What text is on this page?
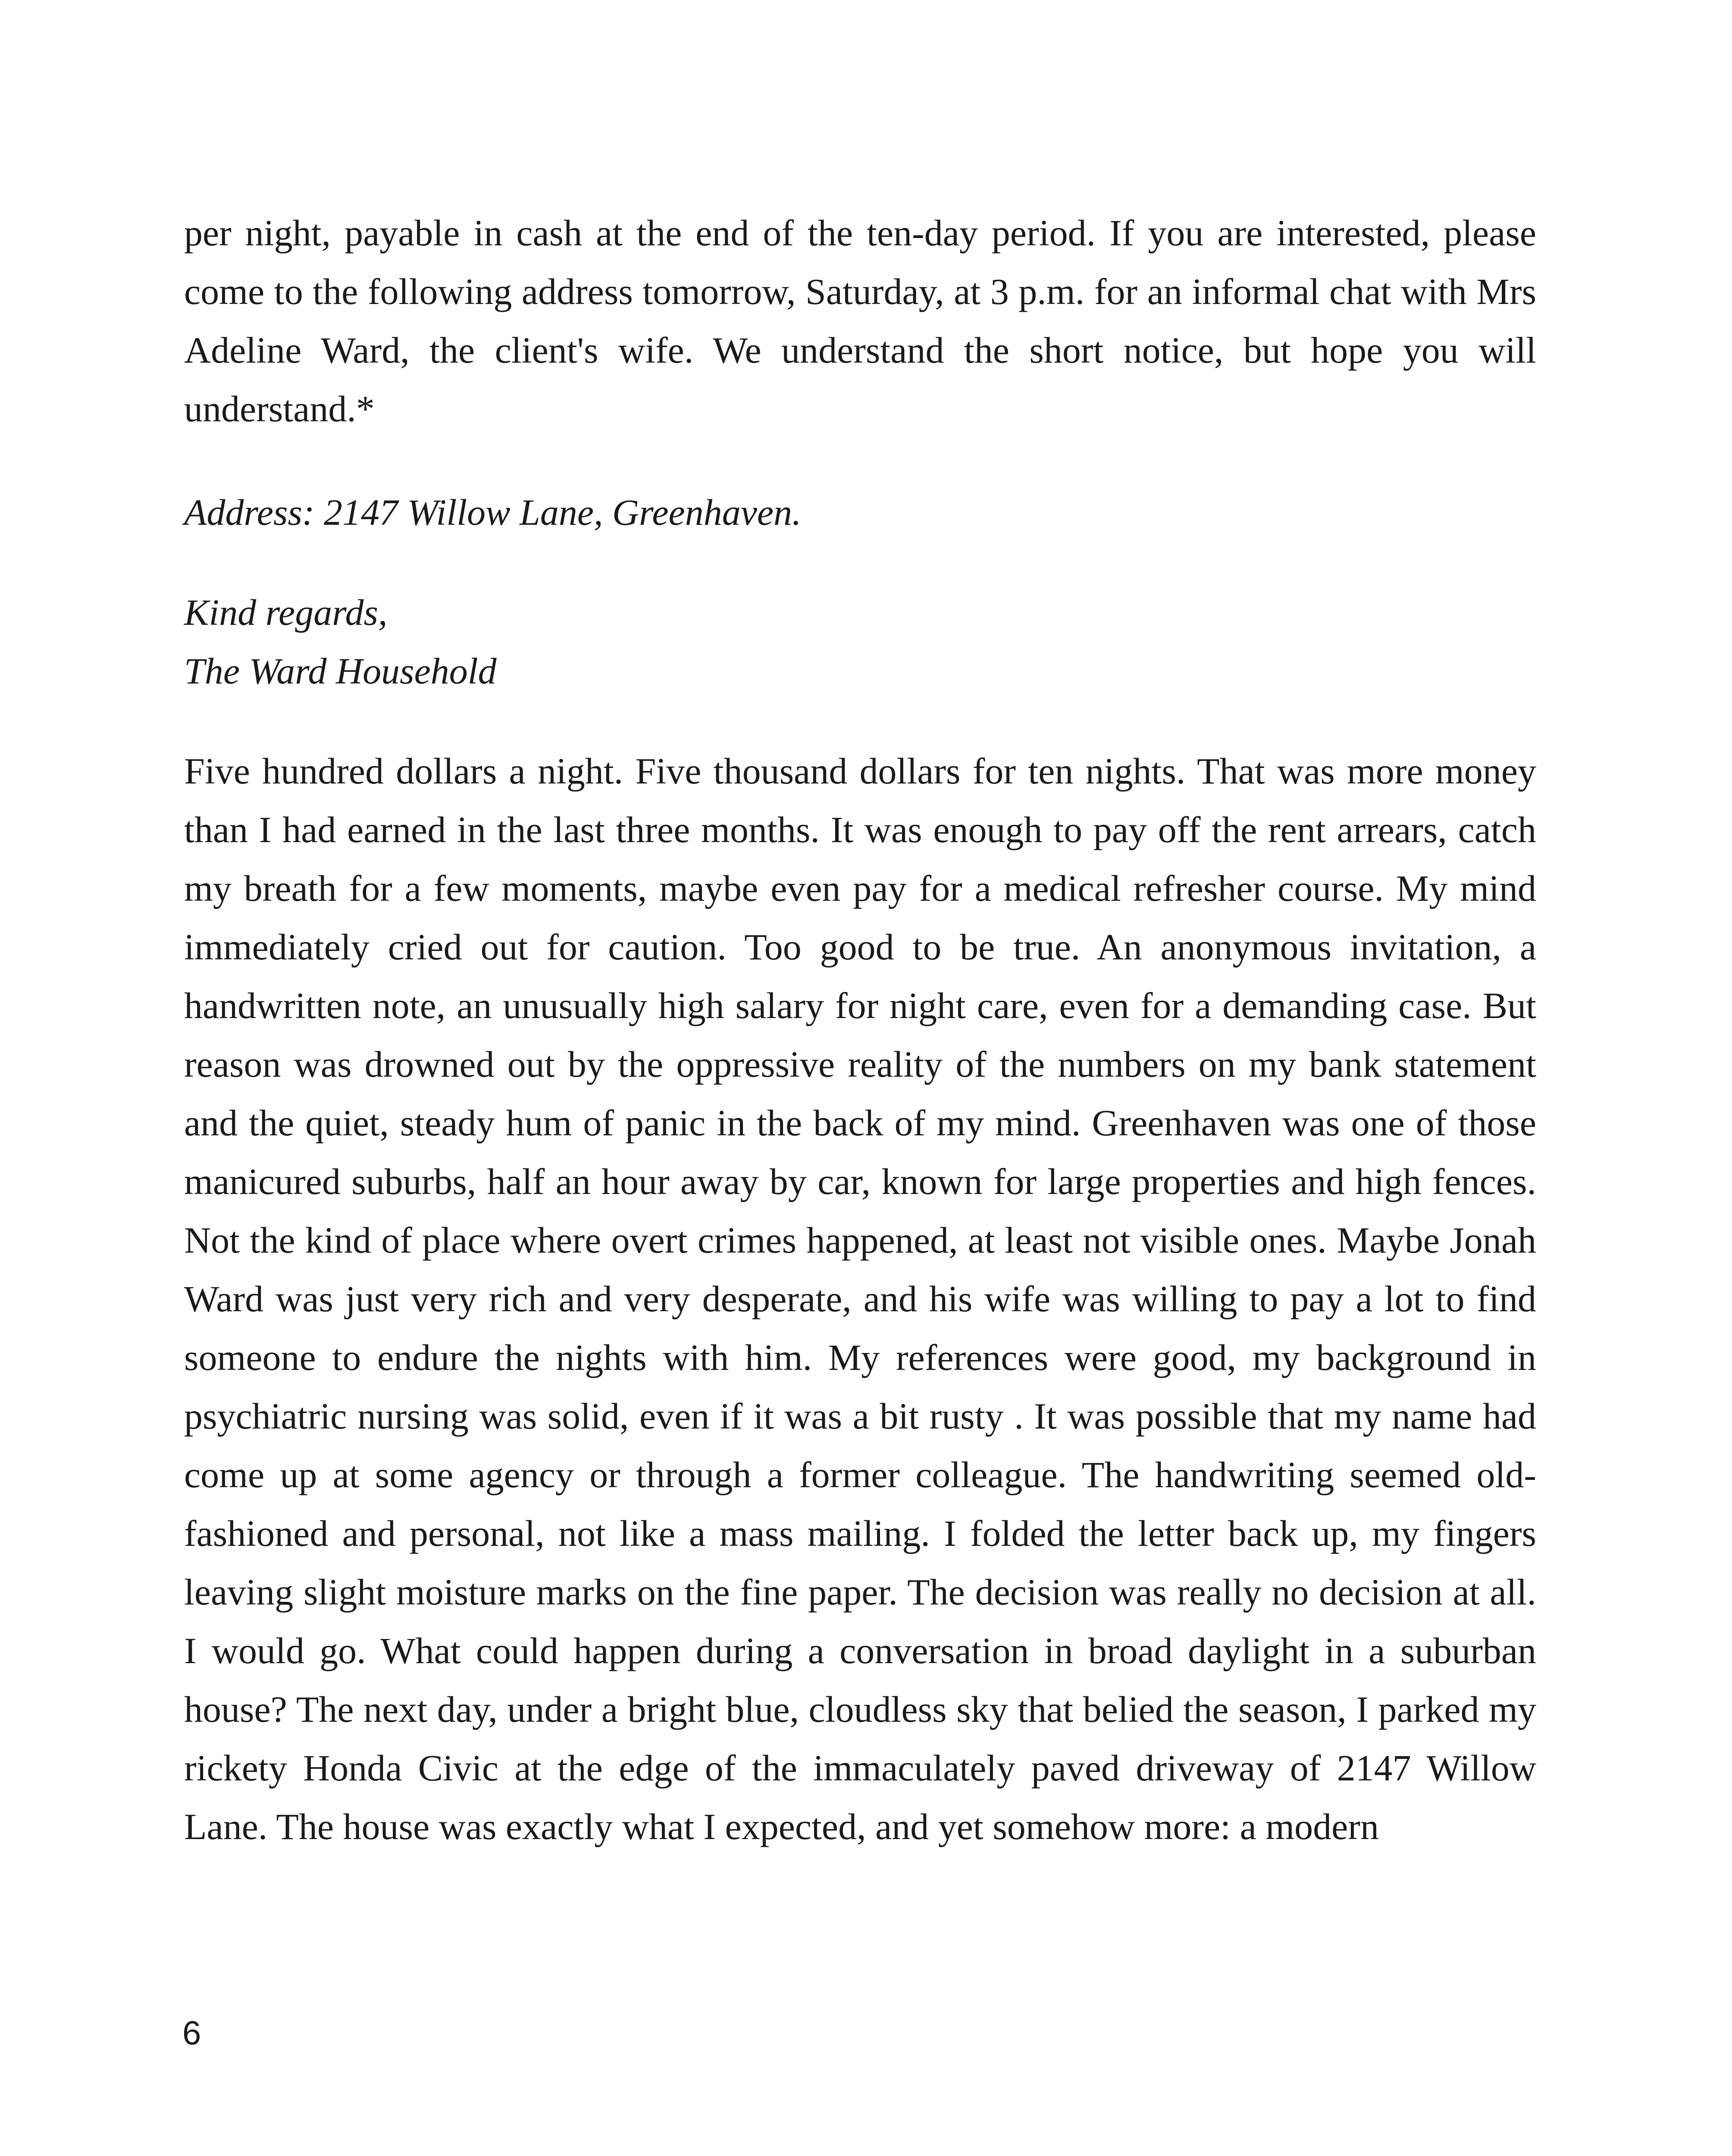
per night, payable in cash at the end of the ten-day period. If you are interested, please come to the following address tomorrow, Saturday, at 3 p.m. for an informal chat with Mrs Adeline Ward, the client's wife. We understand the short notice, but hope you will understand.*

Address: 2147 Willow Lane, Greenhaven.

Kind regards,

The Ward Household

Five hundred dollars a night. Five thousand dollars for ten nights. That was more money than I had earned in the last three months. It was enough to pay off the rent arrears, catch my breath for a few moments, maybe even pay for a medical refresher course. My mind immediately cried out for caution. Too good to be true. An anonymous invitation, a handwritten note, an unusually high salary for night care, even for a demanding case. But reason was drowned out by the oppressive reality of the numbers on my bank statement and the quiet, steady hum of panic in the back of my mind. Greenhaven was one of those manicured suburbs, half an hour away by car, known for large properties and high fences. Not the kind of place where overt crimes happened, at least not visible ones. Maybe Jonah Ward was just very rich and very desperate, and his wife was willing to pay a lot to find someone to endure the nights with him. My references were good, my background in psychiatric nursing was solid, even if it was a bit rusty . It was possible that my name had come up at some agency or through a former colleague. The handwriting seemed old-fashioned and personal, not like a mass mailing. I folded the letter back up, my fingers leaving slight moisture marks on the fine paper. The decision was really no decision at all. I would go. What could happen during a conversation in broad daylight in a suburban house? The next day, under a bright blue, cloudless sky that belied the season, I parked my rickety Honda Civic at the edge of the immaculately paved driveway of 2147 Willow Lane. The house was exactly what I expected, and yet somehow more: a modern

6
